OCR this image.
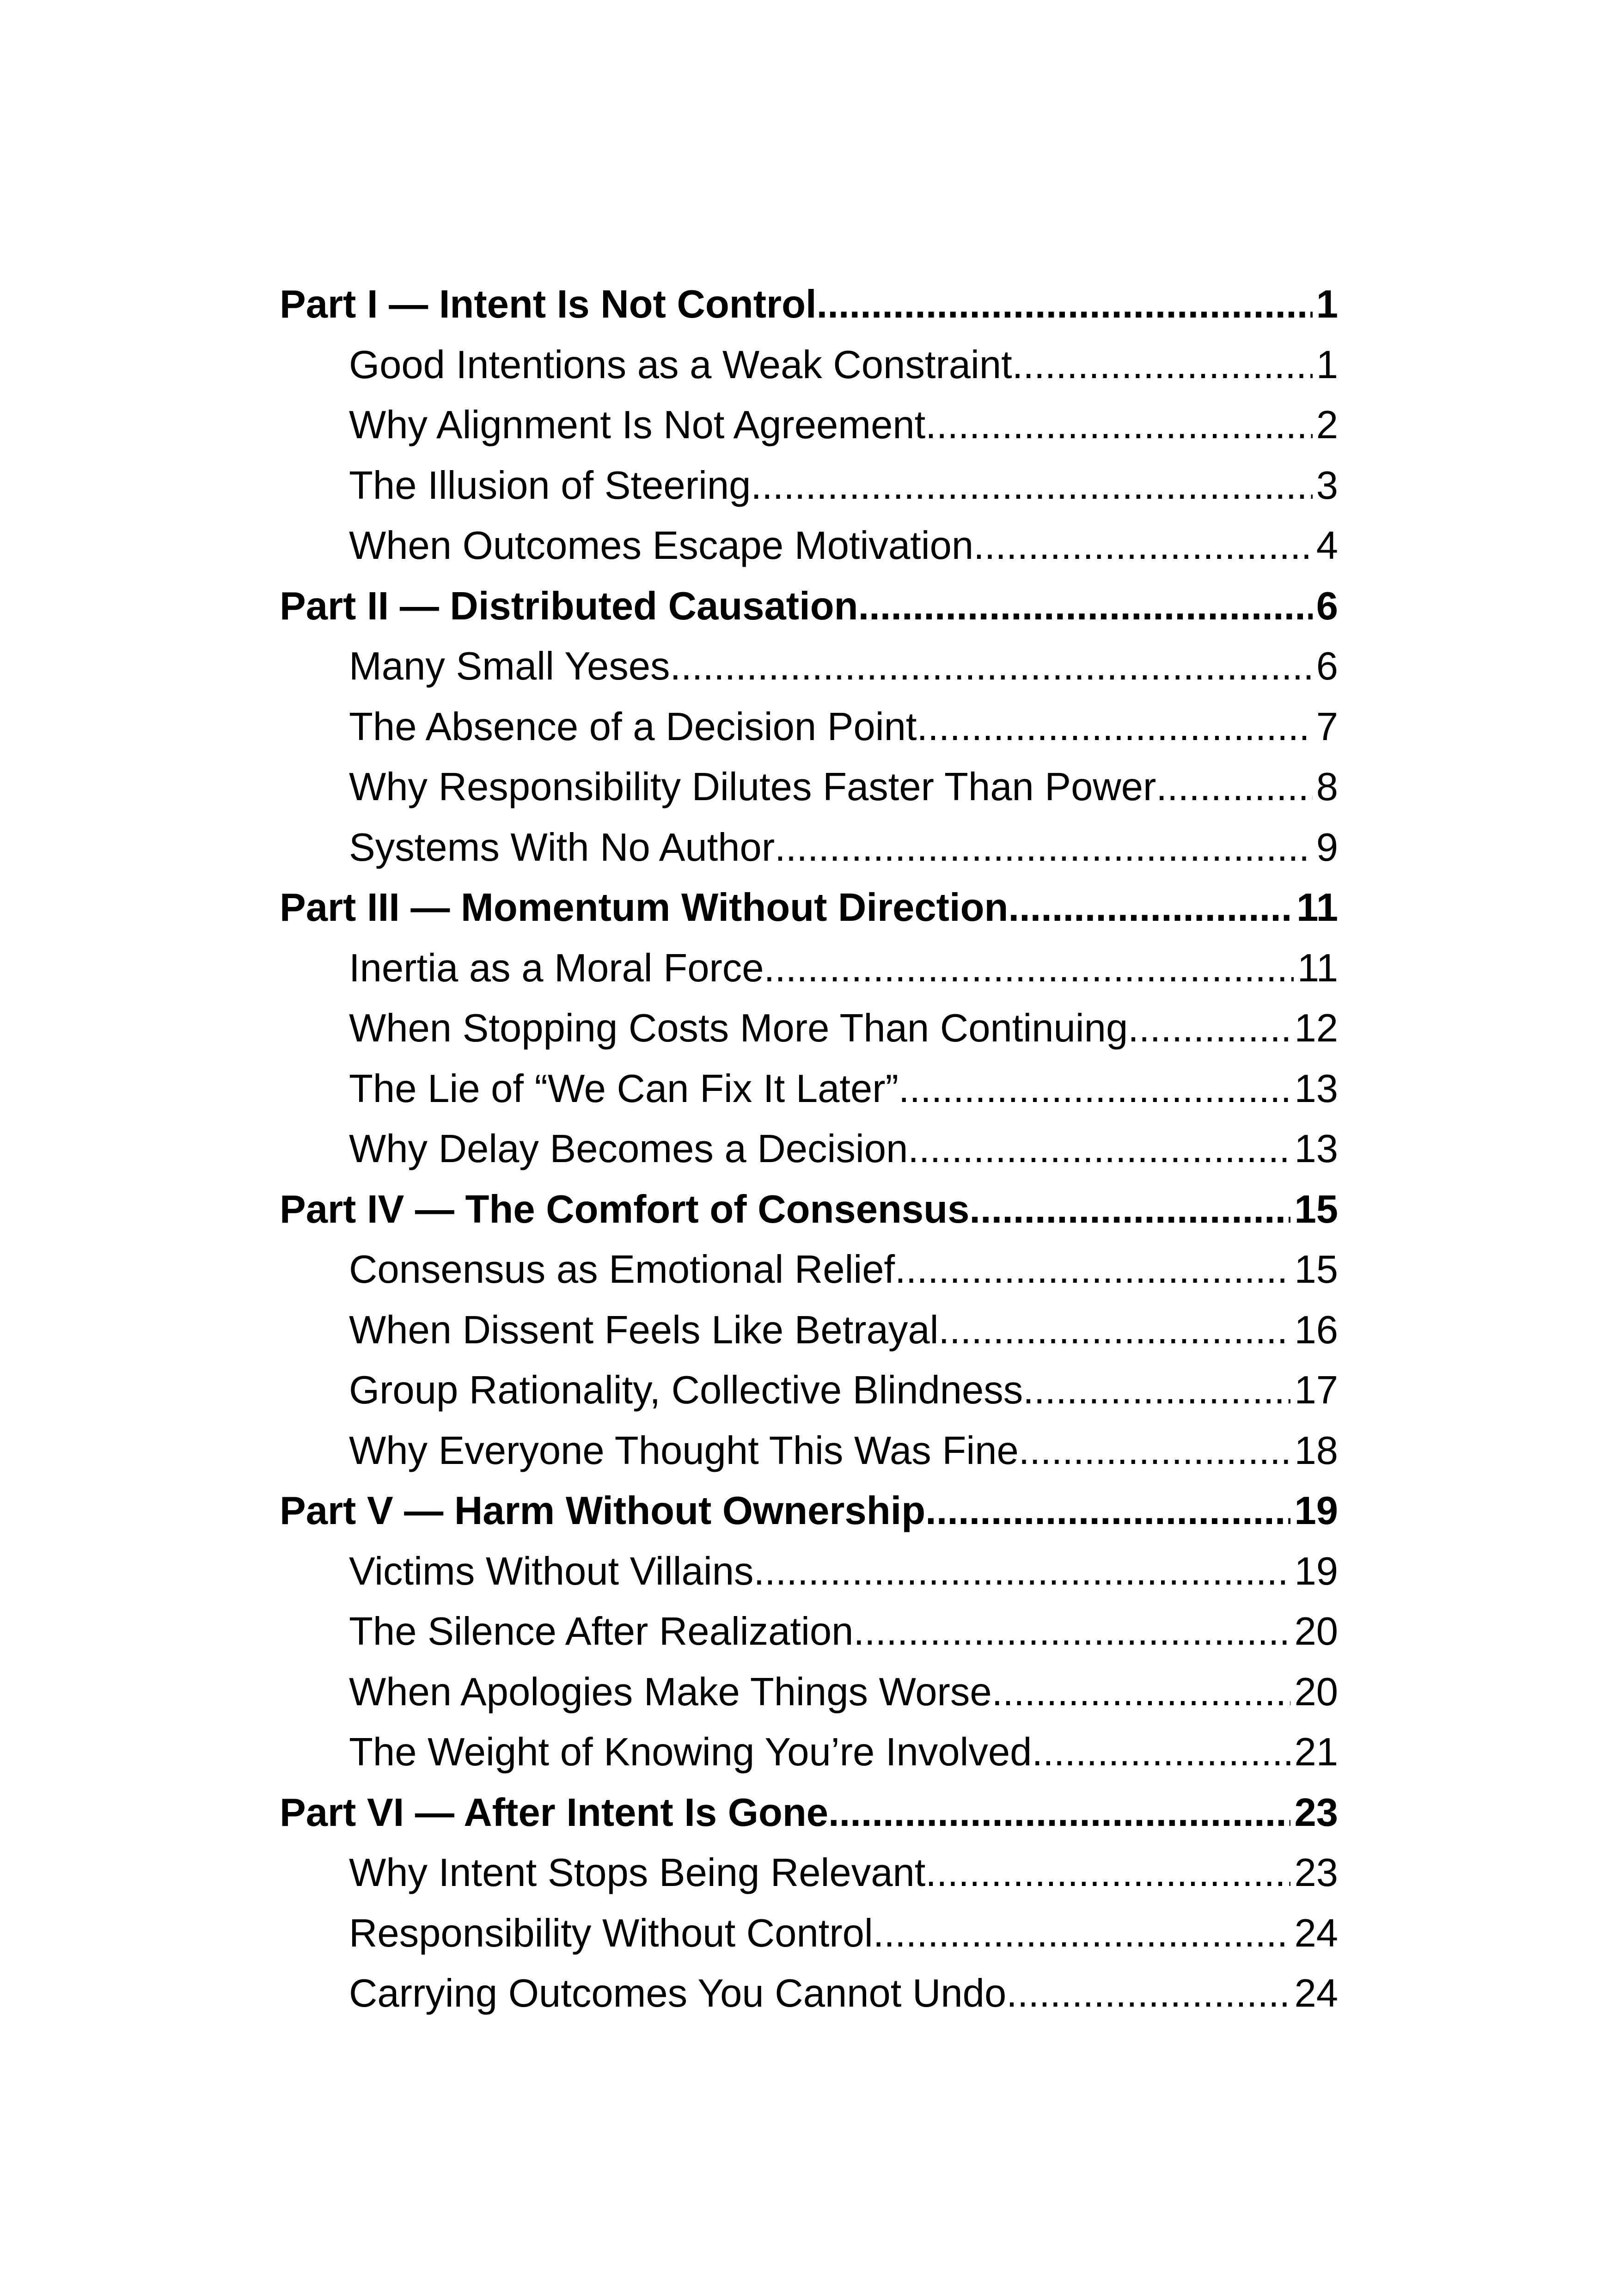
Part I — Intent Is Not Control .....	1
Good Intentions as a Weak Constraint .....	1
Why Alignment Is Not Agreement .....	2
The Illusion of Steering .....	3
When Outcomes Escape Motivation .....	4
Part II — Distributed Causation .....	6
Many Small Yeses .....	6
The Absence of a Decision Point .....	7
Why Responsibility Dilutes Faster Than Power .....	8
Systems With No Author .....	9
Part III — Momentum Without Direction .....	11
Inertia as a Moral Force .....	11
When Stopping Costs More Than Continuing .....	12
The Lie of “We Can Fix It Later” .....	13
Why Delay Becomes a Decision .....	13
Part IV — The Comfort of Consensus .....	15
Consensus as Emotional Relief .....	15
When Dissent Feels Like Betrayal .....	16
Group Rationality, Collective Blindness .....	17
Why Everyone Thought This Was Fine .....	18
Part V — Harm Without Ownership .....	19
Victims Without Villains .....	19
The Silence After Realization .....	20
When Apologies Make Things Worse .....	20
The Weight of Knowing You’re Involved .....	21
Part VI — After Intent Is Gone .....	23
Why Intent Stops Being Relevant .....	23
Responsibility Without Control .....	24
Carrying Outcomes You Cannot Undo .....	24
